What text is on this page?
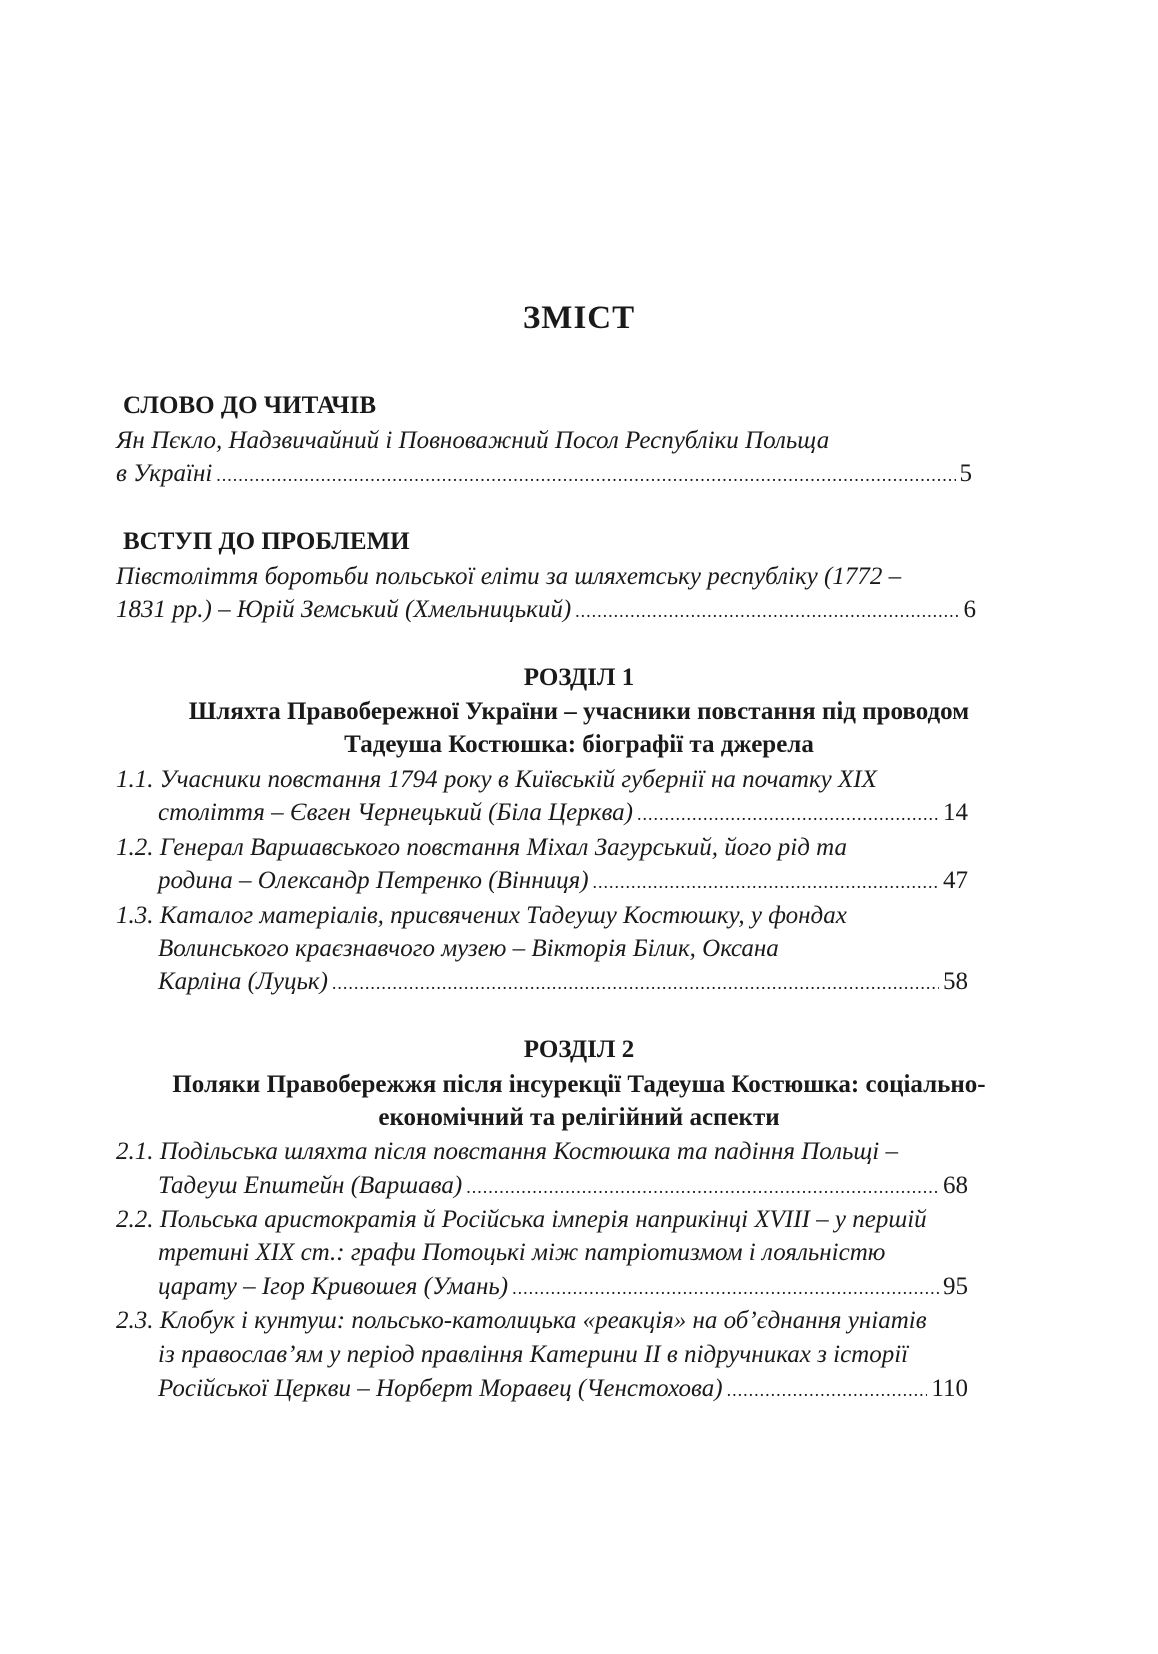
ЗМІСТ
СЛОВО ДО ЧИТАЧІВ
Ян Пєкло, Надзвичайний і Повноважний Посол Республіки Польща
в Україні .....	5
ВСТУП ДО ПРОБЛЕМИ
Півстоліття боротьби польської еліти за шляхетську республіку (1772 –
1831 рр.) – Юрій Земський (Хмельницький) .....	6
РОЗДІЛ 1
Шляхта Правобережної України – учасники повстання під проводом
Тадеуша Костюшка: біографії та джерела
1.1. Учасники повстання 1794 року в Київській губернії на початку XIX
століття – Євген Чернецький (Біла Церква) .....	14
1.2. Генерал Варшавського повстання Міхал Загурський, його рід та
родина – Олександр Петренко (Вінниця) .....	47
1.3. Каталог матеріалів, присвячених Тадеушу Костюшку, у фондах
Волинського краєзнавчого музею – Вікторія Білик, Оксана
Карліна (Луцьк) .....	58
РОЗДІЛ 2
Поляки Правобережжя після інсурекції Тадеуша Костюшка: соціально-
економічний та релігійний аспекти
2.1. Подільська шляхта після повстання Костюшка та падіння Польщі –
Тадеуш Епштейн (Варшава) .....	68
2.2. Польська аристократія й Російська імперія наприкінці XVIII – у першій
третині XIX ст.: графи Потоцькі між патріотизмом і лояльністю
царату – Ігор Кривошея (Умань) .....	95
2.3. Клобук і кунтуш: польсько-католицька «реакція» на об’єднання уніатів
із православ’ям у період правління Катерини II в підручниках з історії
Російської Церкви – Норберт Моравец (Ченстохова) .....	110
